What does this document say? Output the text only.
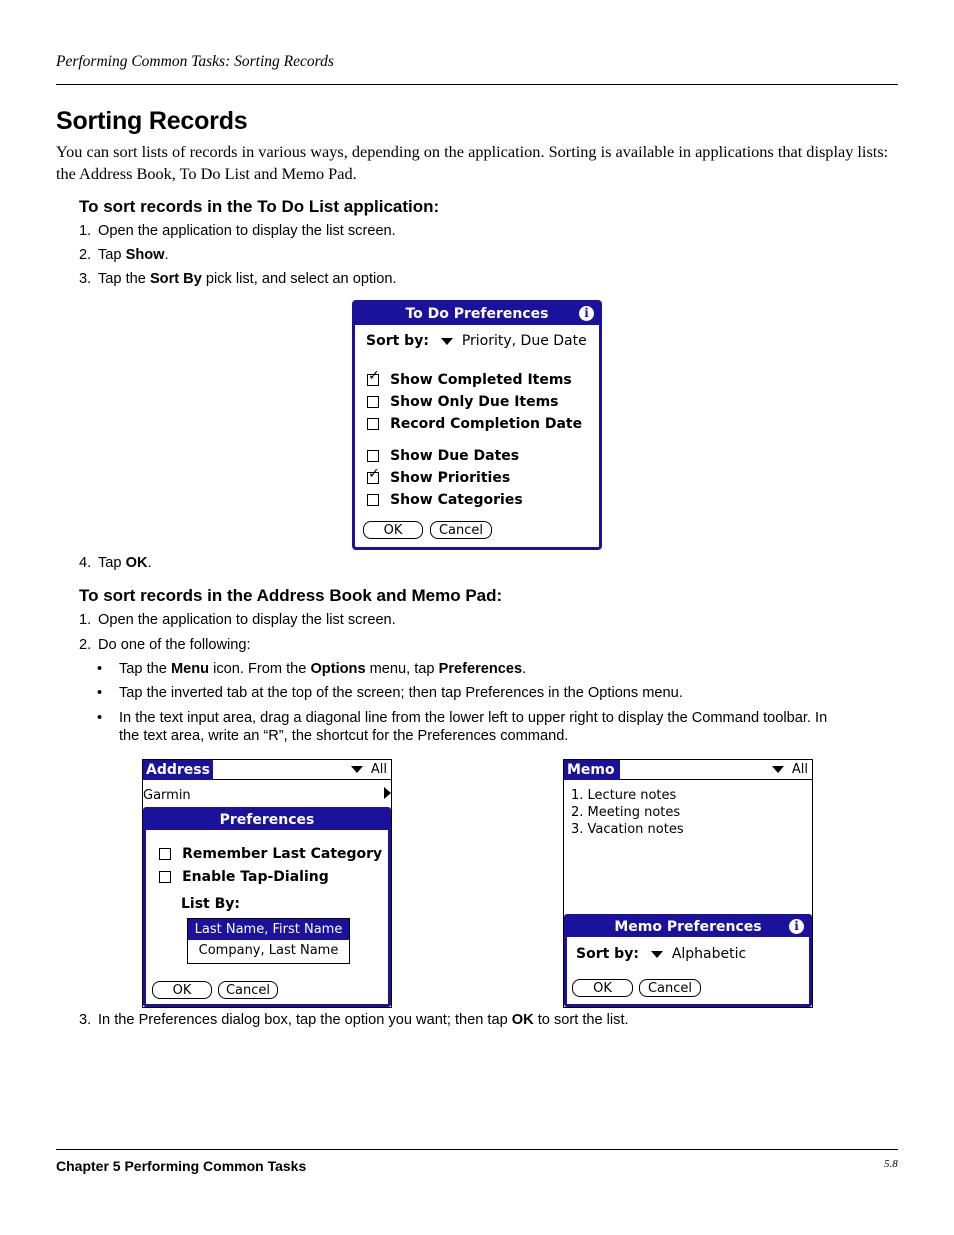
Performing Common Tasks: Sorting Records
Sorting Records
You can sort lists of records in various ways, depending on the application. Sorting is available in applications that display lists: the Address Book, To Do List and Memo Pad.
To sort records in the To Do List application:
1. Open the application to display the list screen.
2. Tap Show.
3. Tap the Sort By pick list, and select an option.
To Do Preferences	i
Sort by: Priority, Due Date
✓ Show Completed Items
Show Only Due Items
Record Completion Date
Show Due Dates
✓ Show Priorities
Show Categories
OK	Cancel
4. Tap OK.
To sort records in the Address Book and Memo Pad:
1. Open the application to display the list screen.
2. Do one of the following:
• Tap the Menu icon. From the Options menu, tap Preferences.
• Tap the inverted tab at the top of the screen; then tap Preferences in the Options menu.
• In the text input area, drag a diagonal line from the lower left to upper right to display the Command toolbar. In
the text area, write an “R”, the shortcut for the Preferences command.
Address	All
Garmin
Preferences
Remember Last Category
Enable Tap-Dialing
List By:
Last Name, First Name
Company, Last Name
OK	Cancel
Memo	All
1. Lecture notes
2. Meeting notes
3. Vacation notes
Memo Preferences	i
Sort by: Alphabetic
OK	Cancel
3. In the Preferences dialog box, tap the option you want; then tap OK to sort the list.
Chapter 5 Performing Common Tasks	5.8
